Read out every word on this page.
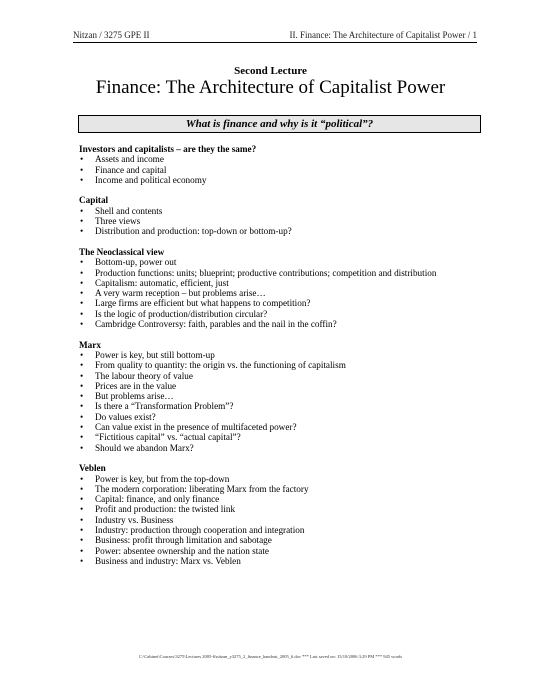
Nitzan / 3275 GPE II	II. Finance: The Architecture of Capitalist Power / 1
Second Lecture
Finance: The Architecture of Capitalist Power
What is finance and why is it “political”?
Investors and capitalists – are they the same?
• Assets and income
• Finance and capital
• Income and political economy
Capital
• Shell and contents
• Three views
• Distribution and production: top-down or bottom-up?
The Neoclassical view
• Bottom-up, power out
• Production functions: units; blueprint; productive contributions; competition and distribution
• Capitalism: automatic, efficient, just
• A very warm reception – but problems arise…
• Large firms are efficient but what happens to competition?
• Is the logic of production/distribution circular?
• Cambridge Controversy: faith, parables and the nail in the coffin?
Marx
• Power is key, but still bottom-up
• From quality to quantity: the origin vs. the functioning of capitalism
• The labour theory of value
• Prices are in the value
• But problems arise…
• Is there a “Transformation Problem”?
• Do values exist?
• Can value exist in the presence of multifaceted power?
• “Fictitious capital” vs. “actual capital”?
• Should we abandon Marx?
Veblen
• Power is key, but from the top-down
• The modern corporation: liberating Marx from the factory
• Capital: finance, and only finance
• Profit and production: the twisted link
• Industry vs. Business
• Industry: production through cooperation and integration
• Business: profit through limitation and sabotage
• Power: absentee ownership and the nation state
• Business and industry: Marx vs. Veblen
C:\Cabinet\Courses\3275\Lectures 2005-6\nitzan_y3275_2_finance_handout_2005_6.doc *** Last saved on: 15/10/2006 3:29 PM *** 945 words
